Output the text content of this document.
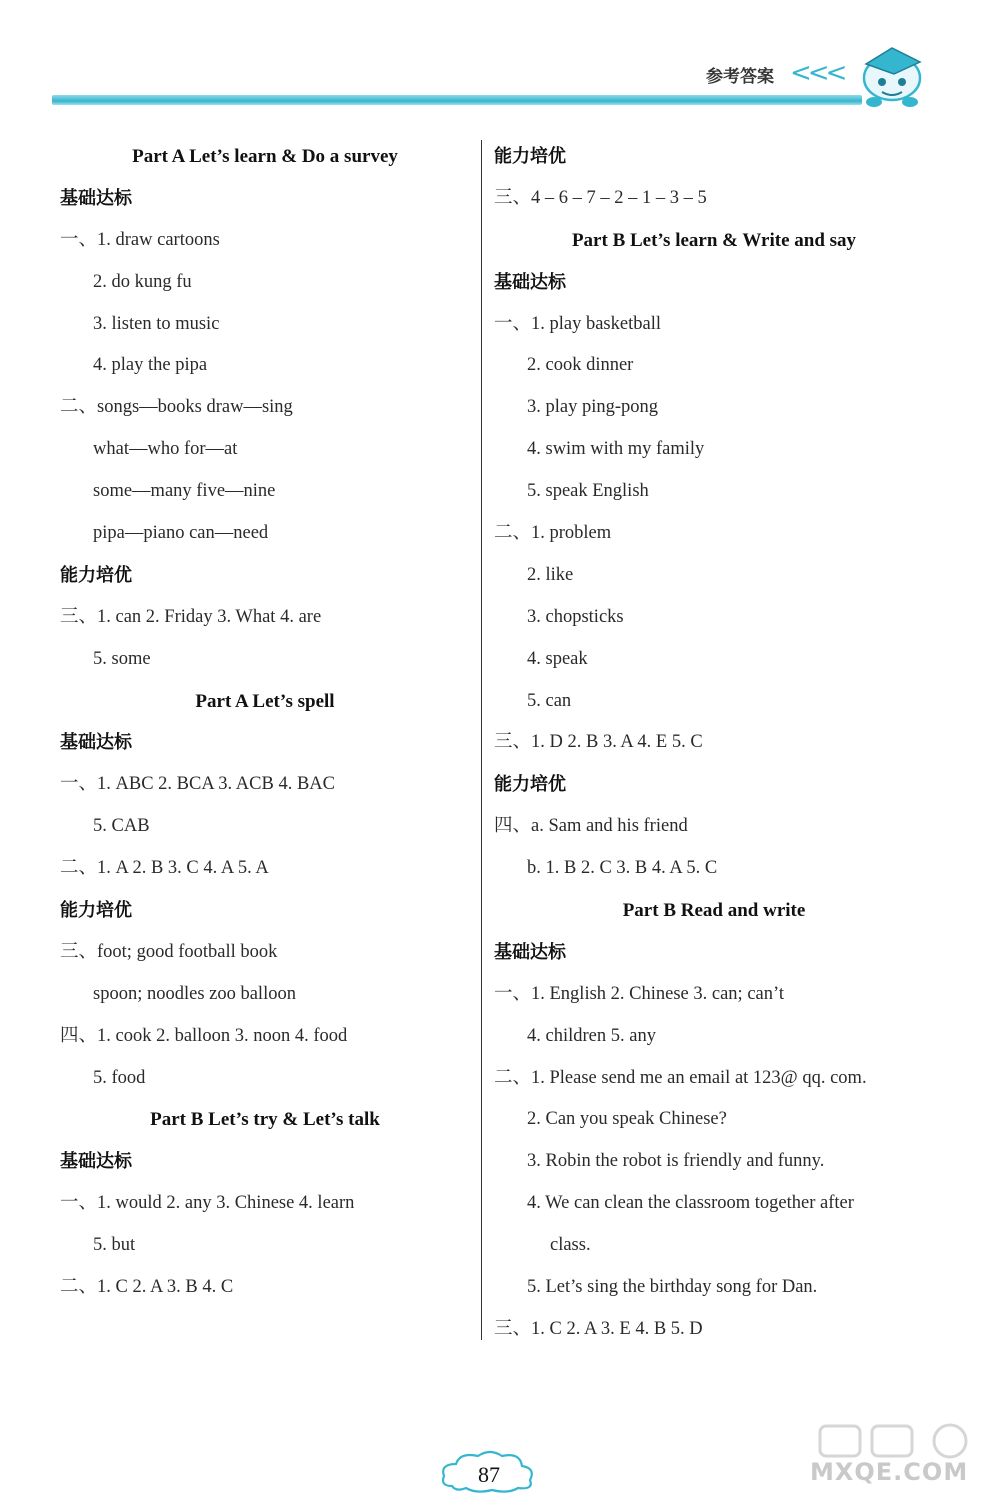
参考答案 <<<
Part A Let’s learn & Do a survey
基础达标
一、1. draw cartoons
2. do kung fu
3. listen to music
4. play the pipa
二、songs—books draw—sing
what—who for—at
some—many five—nine
pipa—piano can—need
能力培优
三、1. can 2. Friday 3. What 4. are
5. some
Part A Let’s spell
基础达标
一、1. ABC 2. BCA 3. ACB 4. BAC
5. CAB
二、1. A 2. B 3. C 4. A 5. A
能力培优
三、foot; good football book
spoon; noodles zoo balloon
四、1. cook 2. balloon 3. noon 4. food
5. food
Part B Let’s try & Let’s talk
基础达标
一、1. would 2. any 3. Chinese 4. learn
5. but
二、1. C 2. A 3. B 4. C
能力培优
三、4 – 6 – 7 – 2 – 1 – 3 – 5
Part B Let’s learn & Write and say
基础达标
一、1. play basketball
2. cook dinner
3. play ping-pong
4. swim with my family
5. speak English
二、1. problem
2. like
3. chopsticks
4. speak
5. can
三、1. D 2. B 3. A 4. E 5. C
能力培优
四、a. Sam and his friend
b. 1. B 2. C 3. B 4. A 5. C
Part B Read and write
基础达标
一、1. English 2. Chinese 3. can; can’t
4. children 5. any
二、1. Please send me an email at 123@ qq. com.
2. Can you speak Chinese?
3. Robin the robot is friendly and funny.
4. We can clean the classroom together after
class.
5. Let’s sing the birthday song for Dan.
三、1. C 2. A 3. E 4. B 5. D
87	MXQE.COM
